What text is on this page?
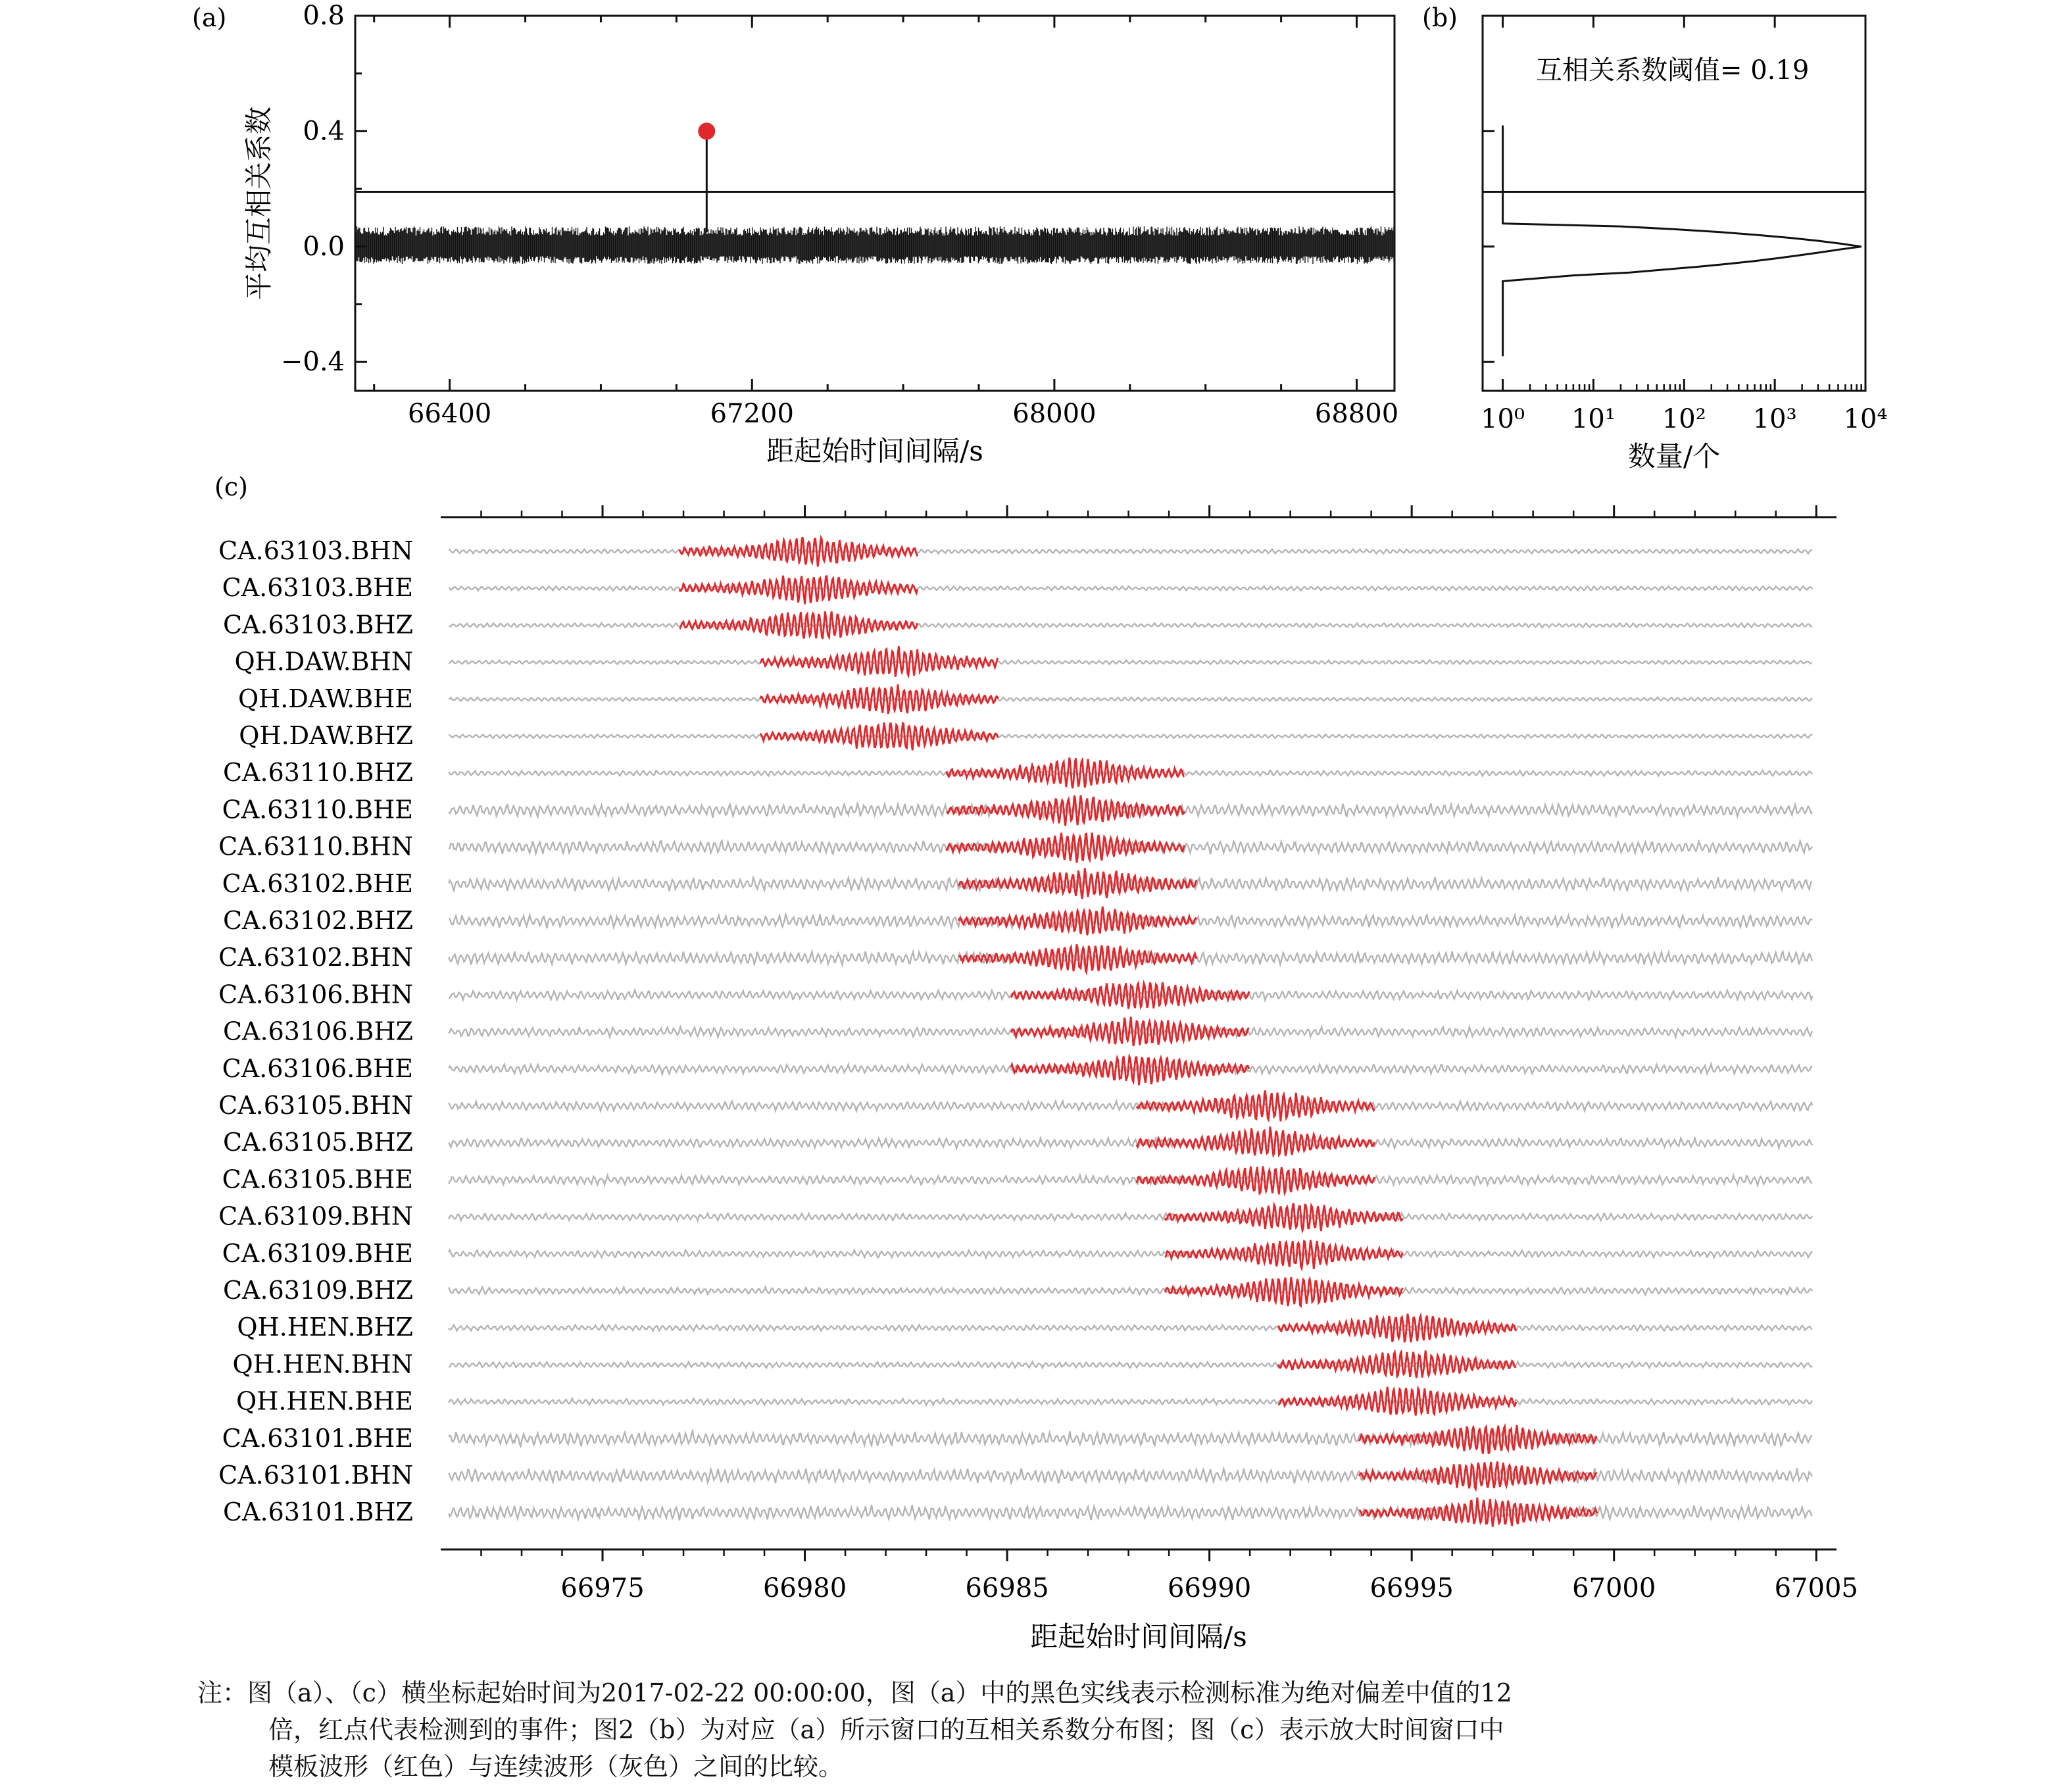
(a)
66400	67200	68000	68800
−0.4
0.0
0.4
0.8
距起始时间间隔/s
平均互相关系数
(b)
互相关系数阈值= 0.19
10⁰ 10¹ 10² 10³ 10⁴
数量/个
(c)
66975	66980	66985	66990	66995	67000	67005
CA.63103.BHN
CA.63103.BHE
CA.63103.BHZ
QH.DAW.BHN
QH.DAW.BHE
QH.DAW.BHZ
CA.63110.BHZ
CA.63110.BHE
CA.63110.BHN
CA.63102.BHE
CA.63102.BHZ
CA.63102.BHN
CA.63106.BHN
CA.63106.BHZ
CA.63106.BHE
CA.63105.BHN
CA.63105.BHZ
CA.63105.BHE
CA.63109.BHN
CA.63109.BHE
CA.63109.BHZ
QH.HEN.BHZ
QH.HEN.BHN
QH.HEN.BHE
CA.63101.BHE
CA.63101.BHN
CA.63101.BHZ
距起始时间间隔/s
注：图（a）、（c）横坐标起始时间为2017-02-22 00:00:00，图（a）中的黑色实线表示检测标准为绝对偏差中值的12
倍，红点代表检测到的事件；图2（b）为对应（a）所示窗口的互相关系数分布图；图（c）表示放大时间窗口中
模板波形（红色）与连续波形（灰色）之间的比较。
